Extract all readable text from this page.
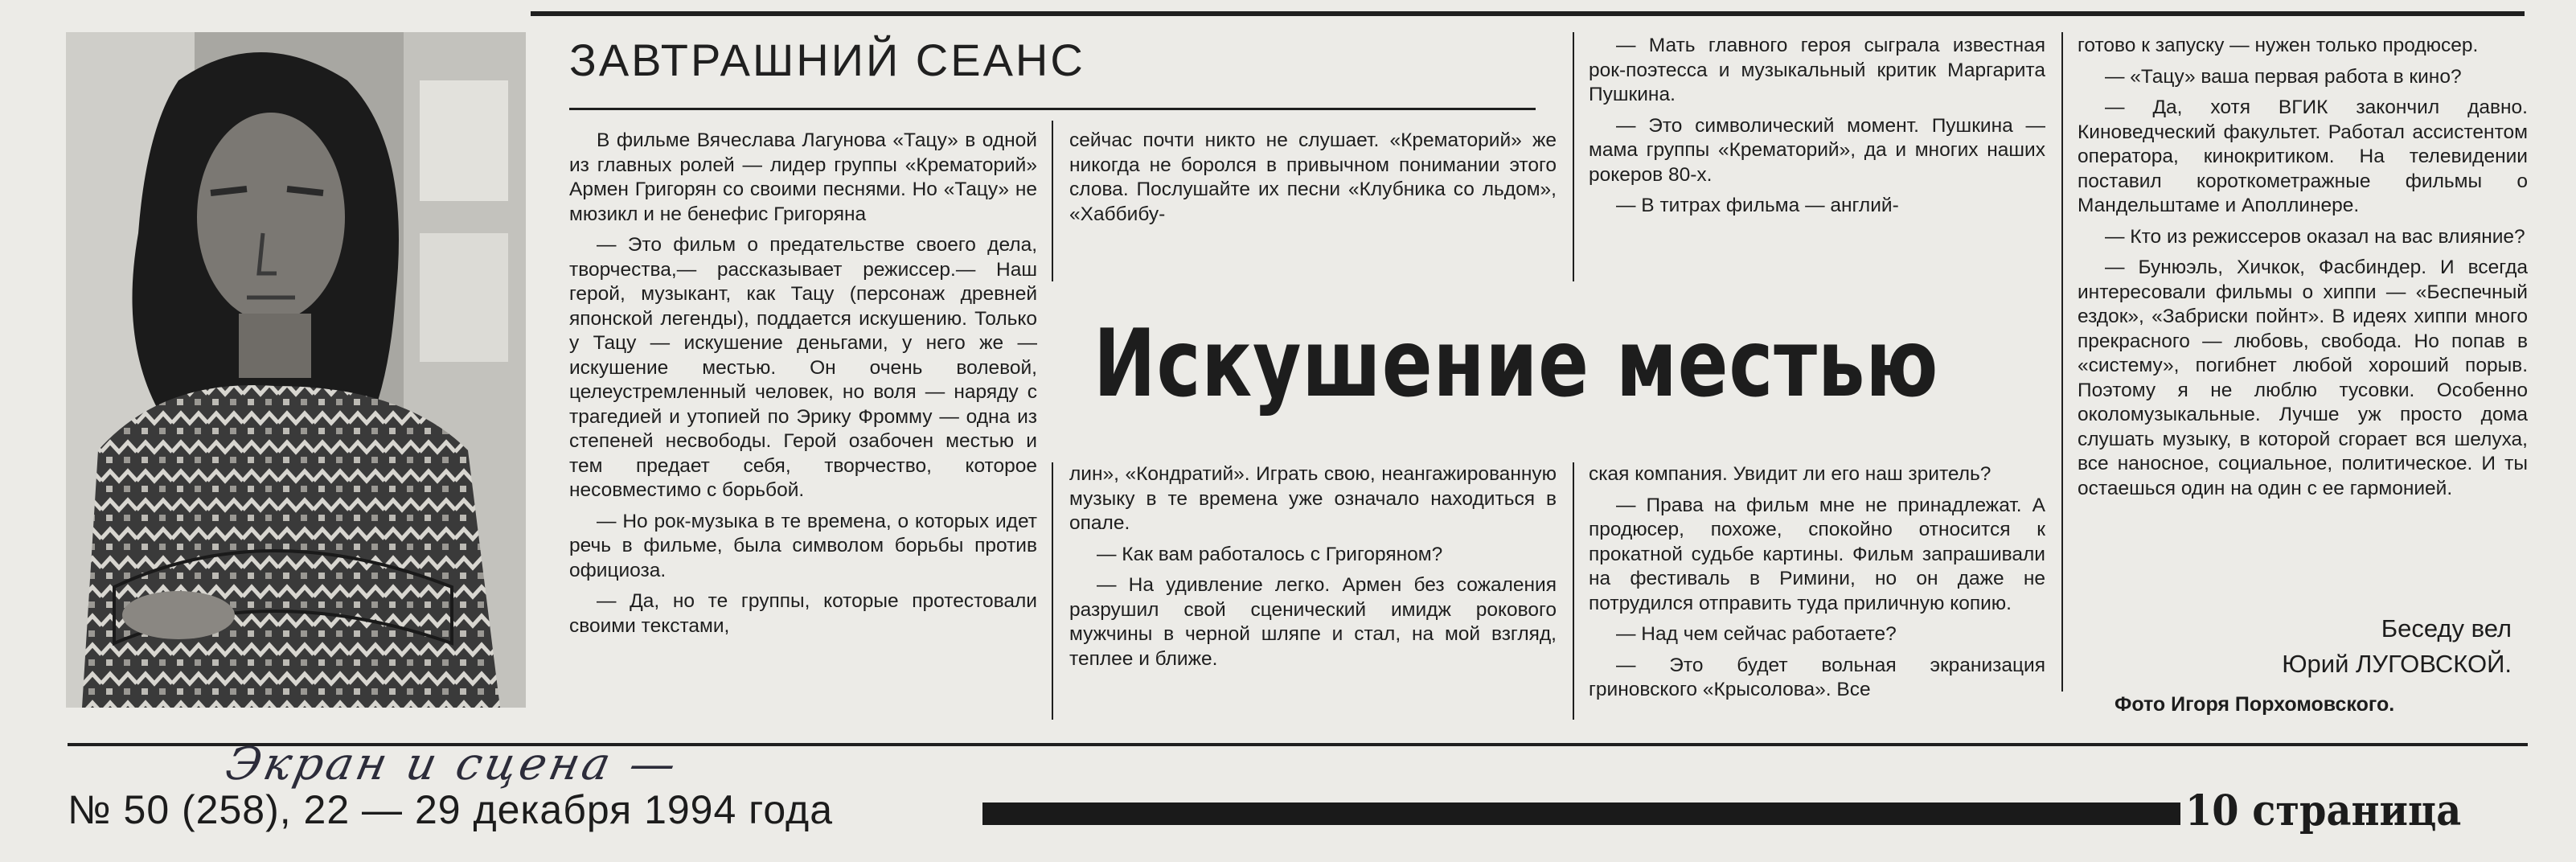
ЗАВТРАШНИЙ СЕАНС

В фильме Вячеслава Лагунова «Тацу» в одной из главных ролей — лидер группы «Крематорий» Армен Григорян со своими песнями. Но «Тацу» не мюзикл и не бенефис Григоряна

— Это фильм о предательстве своего дела, творчества,— рассказывает режиссер.— Наш герой, музыкант, как Тацу (персонаж древней японской легенды), поддается искушению. Только у Тацу — искушение деньгами, у него же — искушение местью. Он очень волевой, целеустремленный человек, но воля — наряду с трагедией и утопией по Эрику Фромму — одна из степеней несвободы. Герой озабочен местью и тем предает себя, творчество, которое несовместимо с борьбой.

— Но рок-музыка в те времена, о которых идет речь в фильме, была символом борьбы против официоза.

— Да, но те группы, которые протестовали своими текстами,

сейчас почти никто не слушает. «Крематорий» же никогда не боролся в привычном понимании этого слова. Послушайте их песни «Клубника со льдом», «Хаббибу-

— Мать главного героя сыграла известная рок-поэтесса и музыкальный критик Маргарита Пушкина.

— Это символический момент. Пушкина — мама группы «Крематорий», да и многих наших рокеров 80-х.

— В титрах фильма — англий-

готово к запуску — нужен только продюсер.

— «Тацу» ваша первая работа в кино?

— Да, хотя ВГИК закончил давно. Киноведческий факультет. Работал ассистентом оператора, кинокритиком. На телевидении поставил короткометражные фильмы о Мандельштаме и Аполлинере.

— Кто из режиссеров оказал на вас влияние?

— Бунюэль, Хичкок, Фасбиндер. И всегда интересовали фильмы о хиппи — «Беспечный ездок», «Забриски пойнт». В идеях хиппи много прекрасного — любовь, свобода. Но попав в «систему», погибнет любой хороший порыв. Поэтому я не люблю тусовки. Особенно околомузыкальные. Лучше уж просто дома слушать музыку, в которой сгорает вся шелуха, все наносное, социальное, политическое. И ты остаешься один на один с ее гармонией.

лин», «Кондратий». Играть свою, неангажированную музыку в те времена уже означало находиться в опале.

— Как вам работалось с Григоряном?

— На удивление легко. Армен без сожаления разрушил свой сценический имидж рокового мужчины в черной шляпе и стал, на мой взгляд, теплее и ближе.

ская компания. Увидит ли его наш зритель?

— Права на фильм мне не принадлежат. А продюсер, похоже, спокойно относится к прокатной судьбе картины. Фильм запрашивали на фестиваль в Римини, но он даже не потрудился отправить туда приличную копию.

— Над чем сейчас работаете?

— Это будет вольная экранизация гриновского «Крысолова». Все

Искушение местью
Беседу вел
Юрий ЛУГОВСКОЙ.
Фото Игоря Порхомовского.
Экран и сцена —
№ 50 (258), 22 — 29 декабря 1994 года	10 страница
